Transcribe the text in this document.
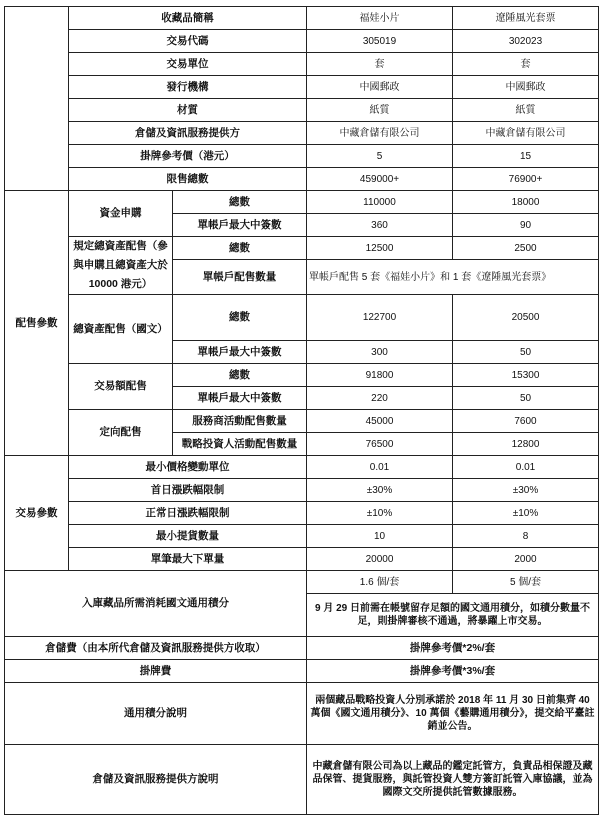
	收藏品簡稱		福娃小片	遼陲風光套票
	交易代碼		305019	302023
	交易單位		套	套
	發行機構		中國郵政	中國郵政
	材質		紙質	紙質
	倉儲及資訊服務提供方		中藏倉儲有限公司	中藏倉儲有限公司
	掛牌參考價（港元）		5	15
	限售總數		459000+	76900+
配售參數	資金申購	總數	110000	18000
		單帳戶最大中簽數	360	90
	規定總資產配售（參與申購且總資產大於 10000 港元）	總數	12500	2500
		單帳戶配售數量	單帳戶配售 5 套《福娃小片》和 1 套《遼陲風光套票》	
	總資產配售（國文）	總數	122700	20500
		單帳戶最大中簽數	300	50
	交易額配售	總數	91800	15300
		單帳戶最大中簽數	220	50
	定向配售	服務商活動配售數量	45000	7600
		戰略投資人活動配售數量	76500	12800

交易參數	最小價格變動單位		0.01	0.01
	首日漲跌幅限制		±30%	±30%
	正常日漲跌幅限制		±10%	±10%
	最小提貨數量		10	8
	單筆最大下單量		20000	2000
入庫藏品所需消耗國文通用積分			1.6 個/套	5 個/套
			9 月 29 日前需在帳號留存足額的國文通用積分，如積分數量不足，則掛牌審核不通過，將暴躍上市交易。	
倉儲費（由本所代倉儲及資訊服務提供方收取）			掛牌參考價*2%/套	
掛牌費			掛牌參考價*3%/套	
通用積分說明			兩個藏品戰略投資人分別承諾於 2018 年 11 月 30 日前集齊 40 萬個《國文通用積分》、10 萬個《藝購通用積分》，提交給平臺註銷並公告。	
倉儲及資訊服務提供方說明			中藏倉儲有限公司為以上藏品的鑑定託管方，負責品相保證及藏品保管、提貨服務，與託管投資人雙方簽訂託管入庫協議，並為國際文交所提供託管數據服務。	
